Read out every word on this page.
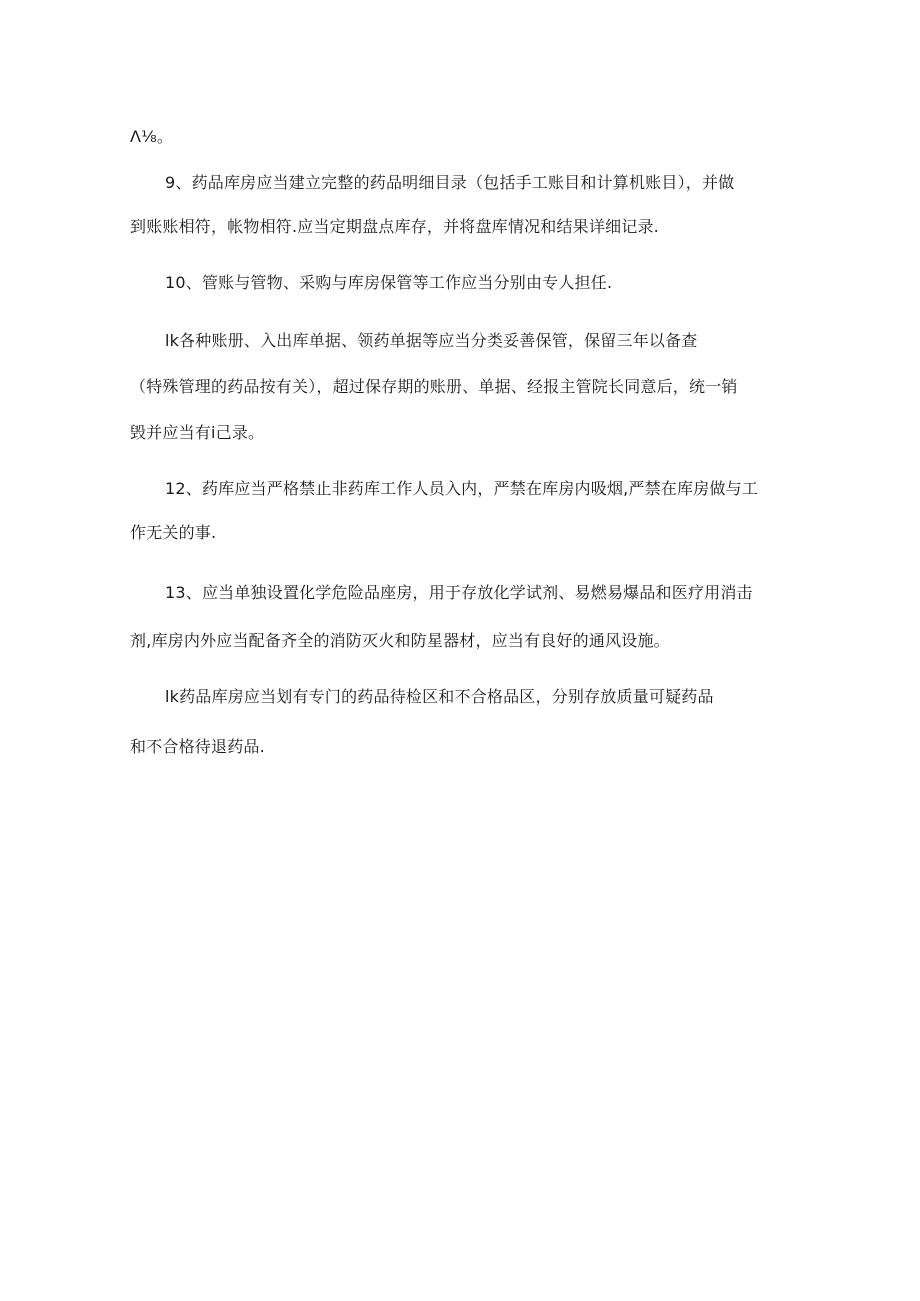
Λ⅛。
9、药品库房应当建立完整的药品明细目录（包括手工账目和计算机账目），并做
到账账相符，帐物相符.应当定期盘点库存，并将盘库情况和结果详细记录.
10、管账与管物、采购与库房保管等工作应当分别由专人担任.
lk各种账册、入出库单据、领药单据等应当分类妥善保管，保留三年以备查
（特殊管理的药品按有关），超过保存期的账册、单据、经报主管院长同意后，统一销
毁并应当有i己录。
12、药库应当严格禁止非药库工作人员入内，严禁在库房内吸烟,严禁在库房做与工
作无关的事.
13、应当单独设置化学危险品座房，用于存放化学试剂、易燃易爆品和医疗用消击
剂,库房内外应当配备齐全的消防灭火和防星器材，应当有良好的通风设施。
lk药品库房应当划有专门的药品待检区和不合格品区，分别存放质量可疑药品
和不合格待退药品.
